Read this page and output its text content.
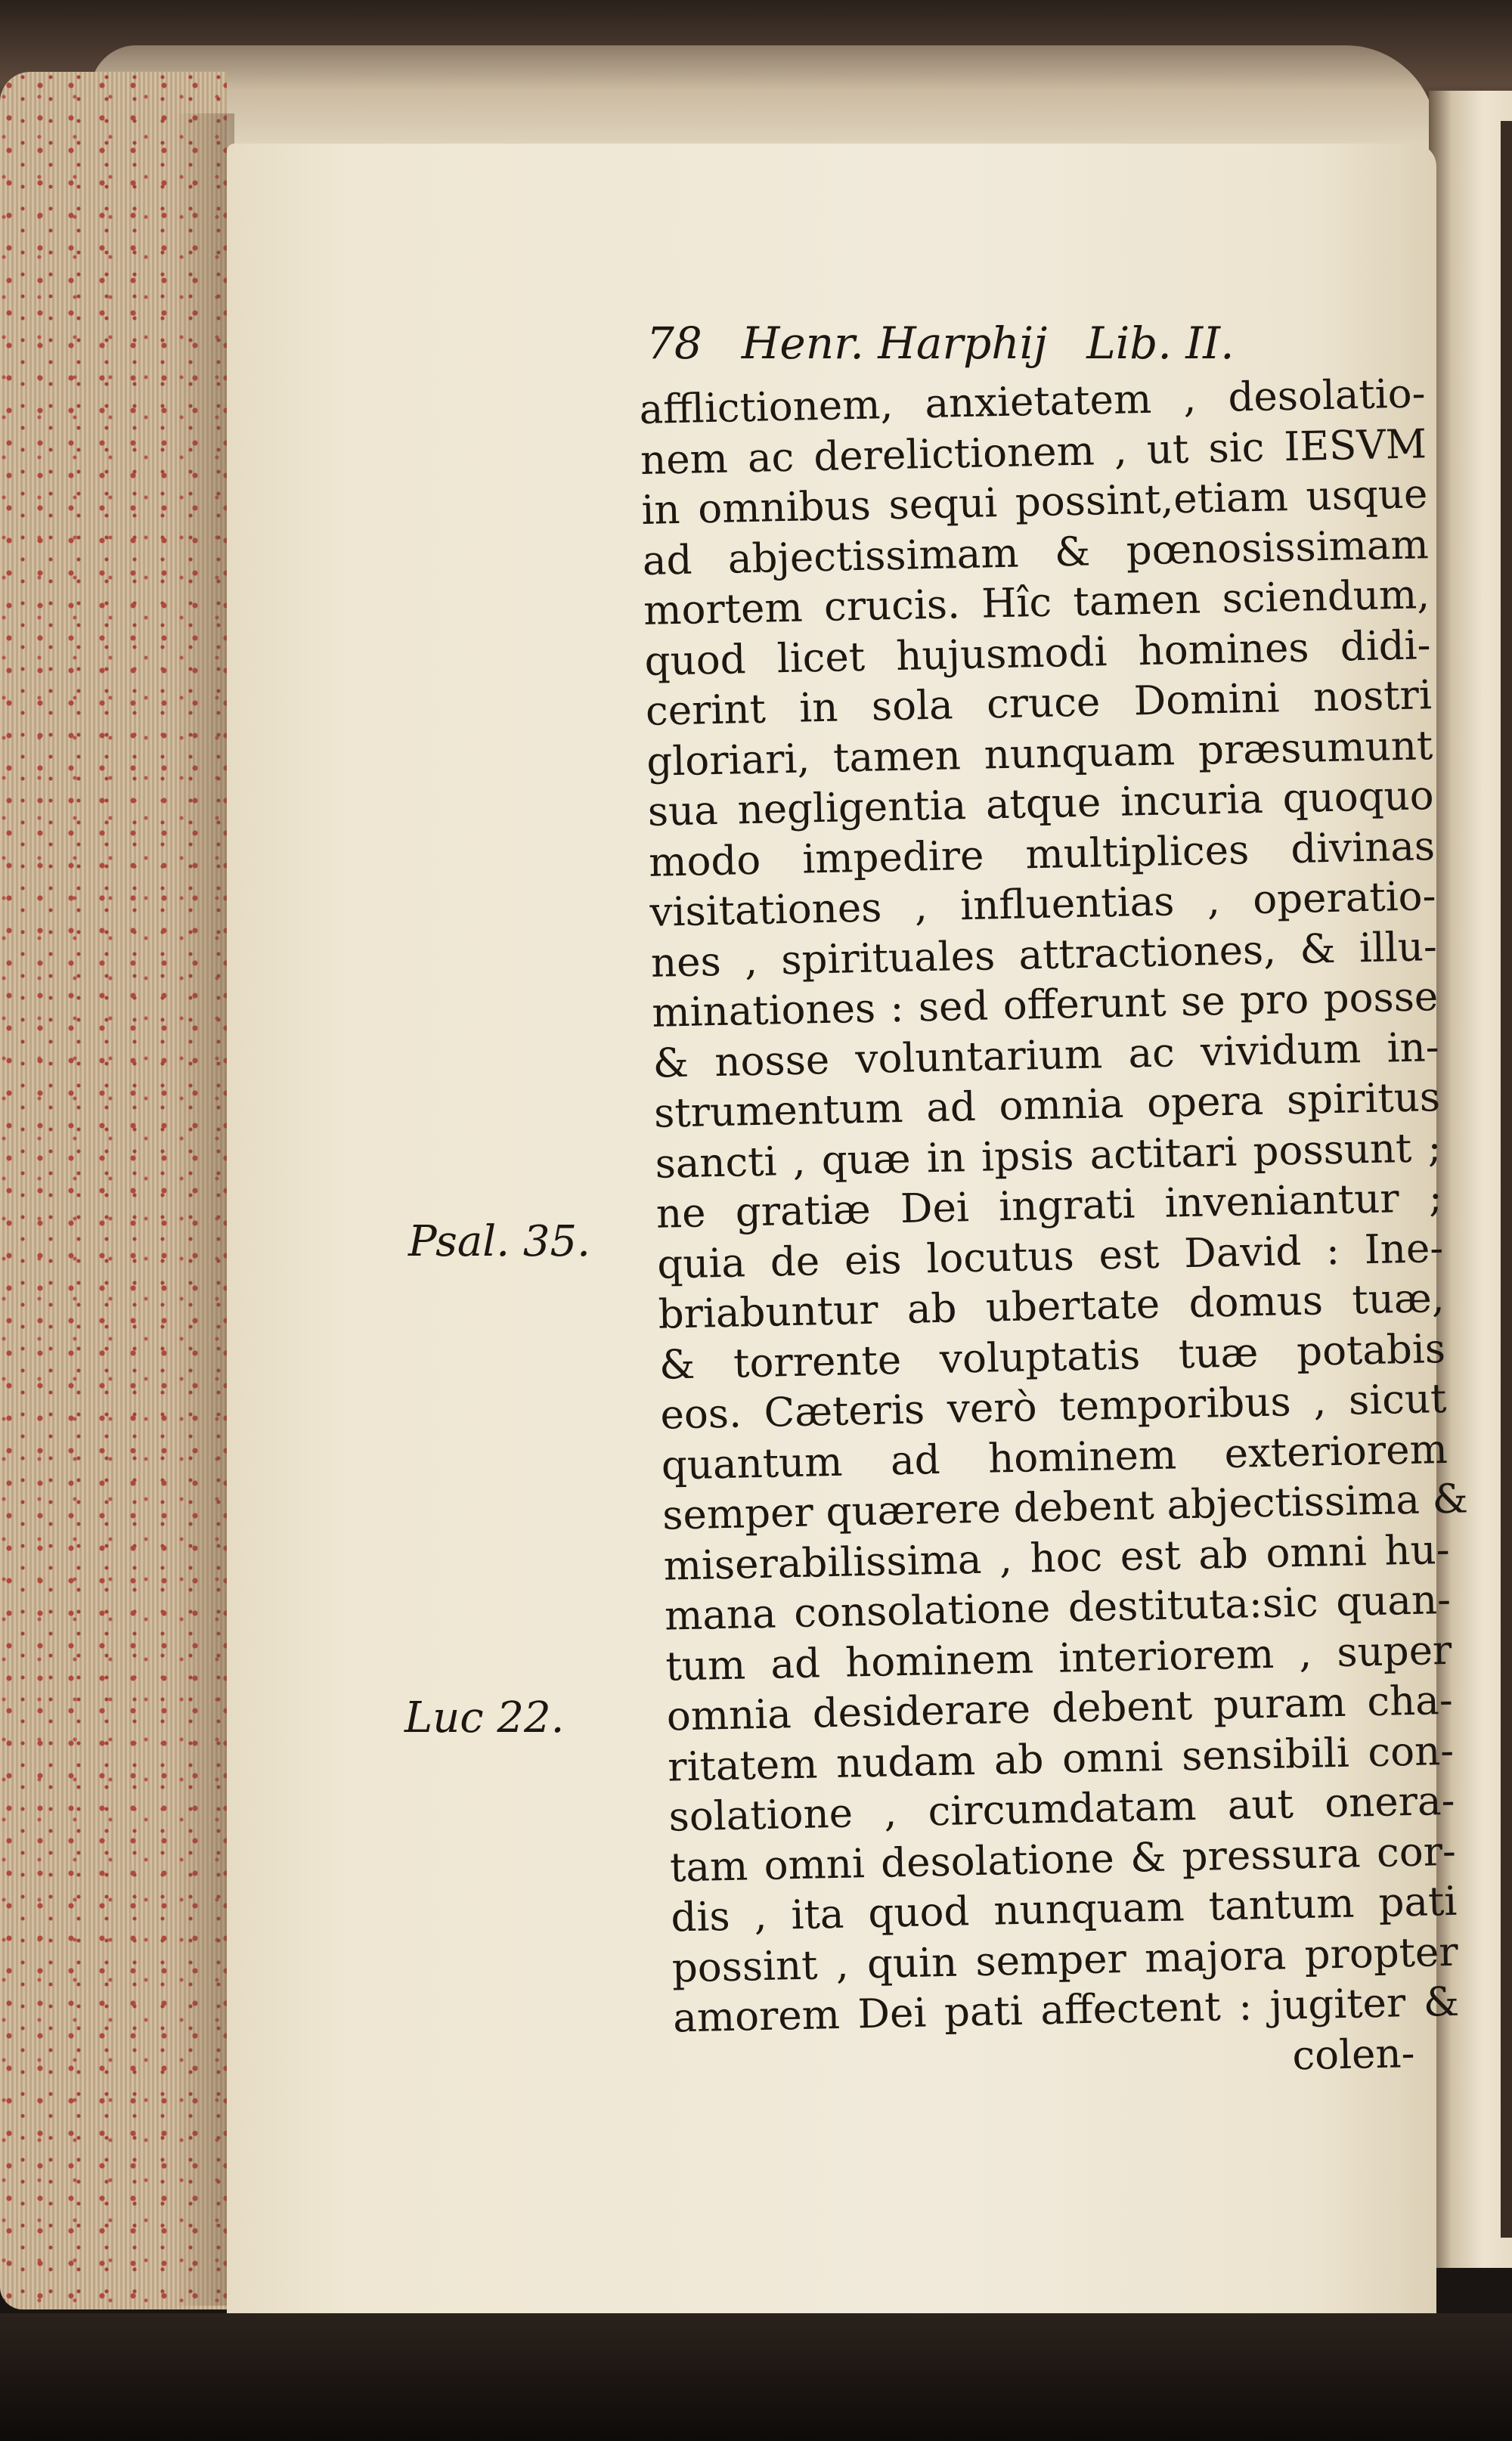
78 Henr. Harphij Lib. II.
Psal. 35.
Luc 22.
afflictionem, anxietatem , desolatio-
nem ac derelictionem , ut sic IESVM
in omnibus sequi possint,etiam usque
ad abjectissimam & pœnosissimam
mortem crucis. Hîc tamen sciendum,
quod licet hujusmodi homines didi-
cerint in sola cruce Domini nostri
gloriari, tamen nunquam præsumunt
sua negligentia atque incuria quoquo
modo impedire multiplices divinas
visitationes , influentias , operatio-
nes , spirituales attractiones, & illu-
minationes : sed offerunt se pro posse
& nosse voluntarium ac vividum in-
strumentum ad omnia opera spiritus
sancti , quæ in ipsis actitari possunt ;
ne gratiæ Dei ingrati inveniantur ;
quia de eis locutus est David : Ine-
briabuntur ab ubertate domus tuæ,
& torrente voluptatis tuæ potabis
eos. Cæteris verò temporibus , sicut
quantum ad hominem exteriorem
semper quærere debent abjectissima &
miserabilissima , hoc est ab omni hu-
mana consolatione destituta:sic quan-
tum ad hominem interiorem , super
omnia desiderare debent puram cha-
ritatem nudam ab omni sensibili con-
solatione , circumdatam aut onera-
tam omni desolatione & pressura cor-
dis , ita quod nunquam tantum pati
possint , quin semper majora propter
amorem Dei pati affectent : jugiter &
colen-
